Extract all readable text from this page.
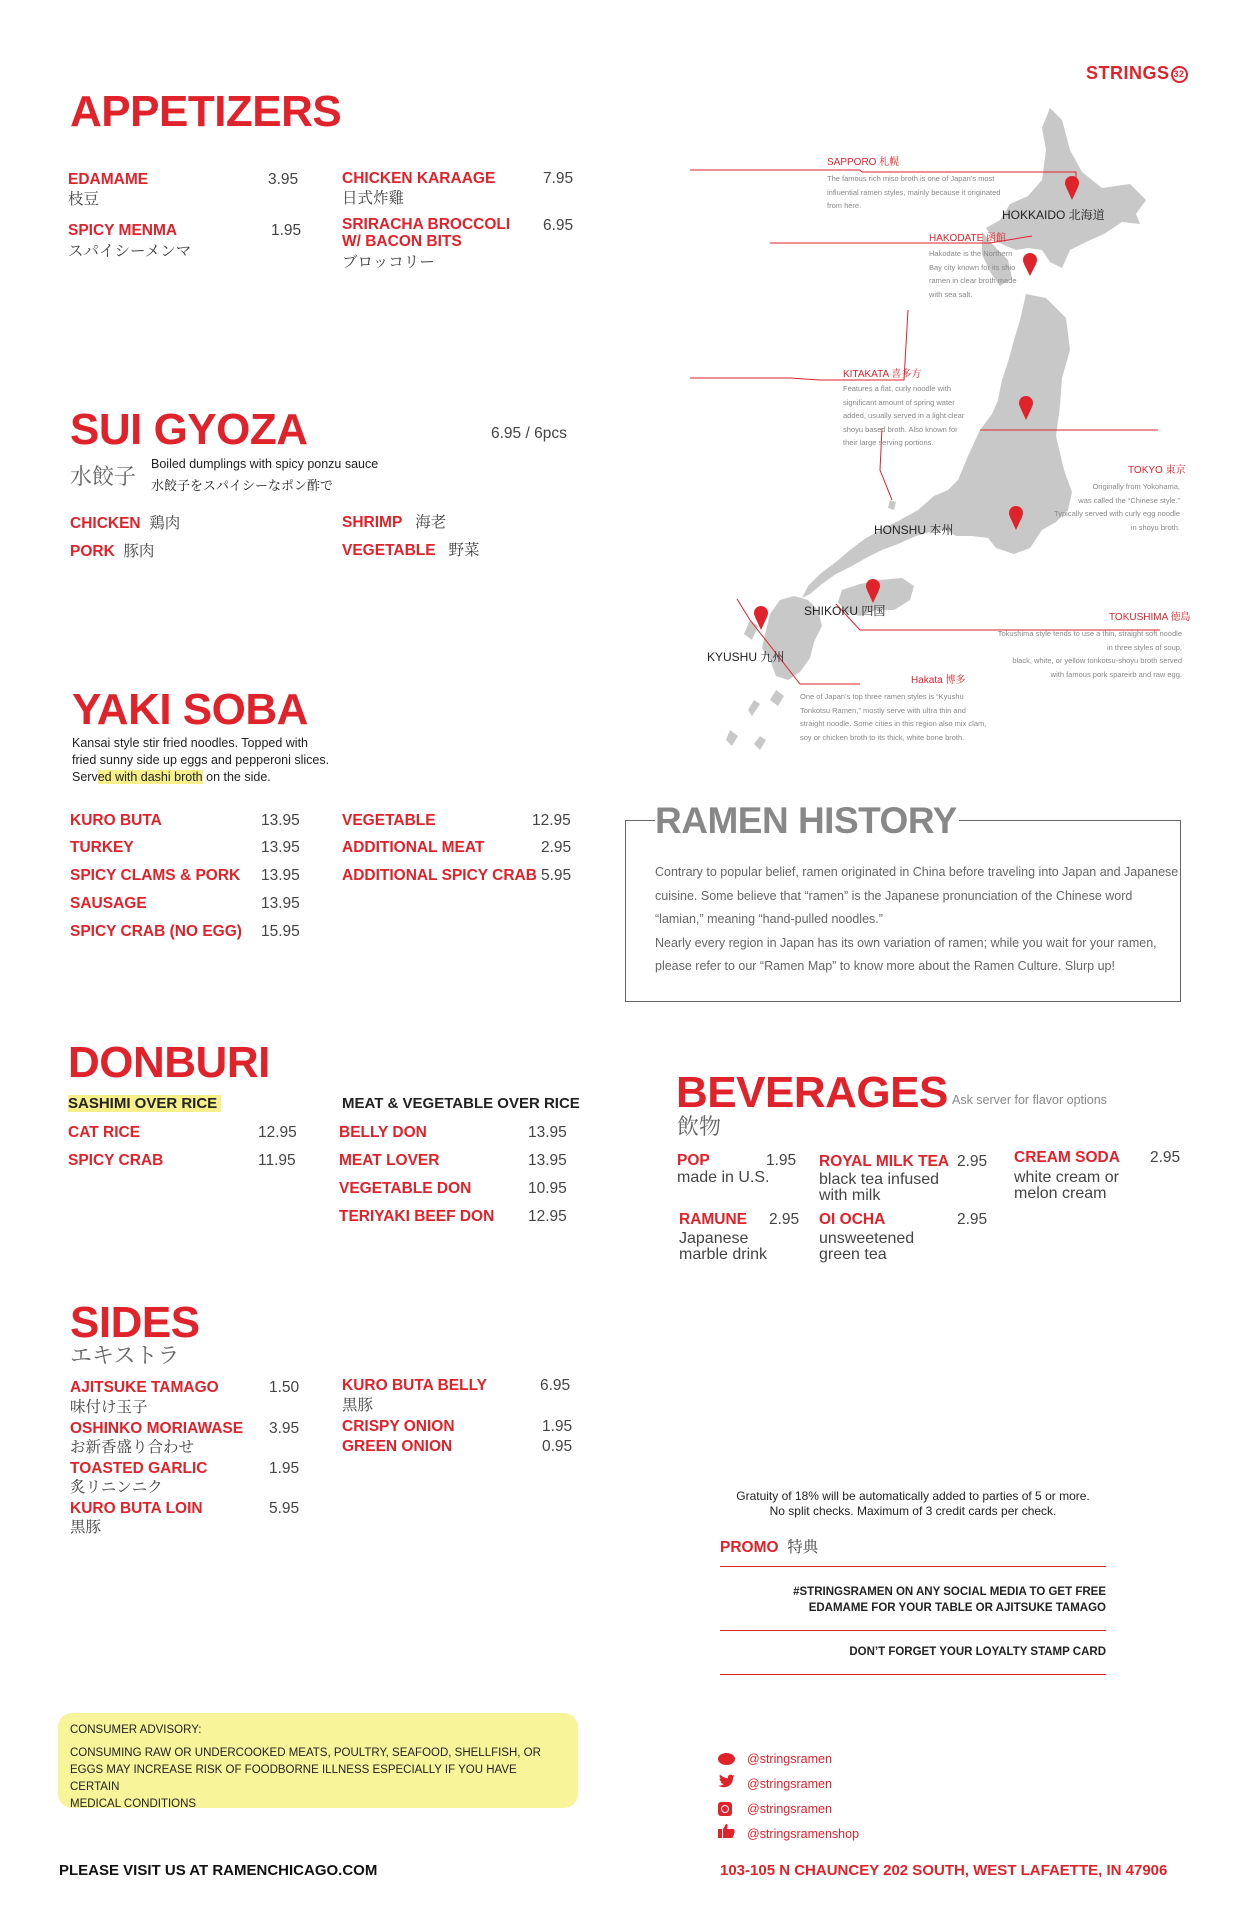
STRINGS 32
APPETIZERS
EDAMAME
枝豆
3.95
SPICY MENMA
スパイシーメンマ
1.95
CHICKEN KARAAGE
日式炸雞
7.95
SRIRACHA BROCCOLI
W/ BACON BITS
ブロッコリー
6.95
SUI GYOZA	6.95 / 6pcs
水餃子 Boiled dumplings with spicy ponzu sauce
水餃子をスパイシーなポン酢で
CHICKEN 鶏肉
PORK 豚肉
SHRIMP 海老
VEGETABLE 野菜
YAKI SOBA
Kansai style stir fried noodles. Topped with
fried sunny side up eggs and pepperoni slices.
Served with dashi broth on the side.
KURO BUTA	13.95
TURKEY	13.95
SPICY CLAMS & PORK 13.95
SAUSAGE	13.95
SPICY CRAB (NO EGG) 15.95
VEGETABLE	12.95
ADDITIONAL MEAT	2.95
ADDITIONAL SPICY CRAB 5.95
SAPPORO 札幌
The famous rich miso broth is one of Japan's most
influential ramen styles, mainly because it originated
from here.
HOKKAIDO 北海道
HAKODATE 函館
Hakodate is the Northern
Bay city known for its shio
ramen in clear broth made
with sea salt.
KITAKATA 喜多方
Features a flat, curly noodle with
significant amount of spring water
added, usually served in a light clear
shoyu based broth. Also known for
their large serving portions.
TOKYO 東京
Originally from Yokohama,
was called the “Chinese style.”
Typically served with curly egg noodle
in shoyu broth.
HONSHU 本州
SHIKOKU 四国	TOKUSHIMA 徳島
Tokushima style tends to use a thin, straight soft noodle
in three styles of soup,
black, white, or yellow tonkotsu-shoyu broth served
with famous pork spareirb and raw egg.
KYUSHU 九州
Hakata 博多
One of Japan’s top three ramen styles is “Kyushu
Tonkotsu Ramen,” mostly serve with ultra thin and
straight noodle. Some cities in this region also mix clam,
soy or chicken broth to its thick, white bone broth.
RAMEN HISTORY
Contrary to popular belief, ramen originated in China before traveling into Japan and Japanese
cuisine. Some believe that “ramen” is the Japanese pronunciation of the Chinese word
“lamian,” meaning “hand-pulled noodles.”
Nearly every region in Japan has its own variation of ramen; while you wait for your ramen,
please refer to our “Ramen Map” to know more about the Ramen Culture. Slurp up!
DONBURI
SASHIMI OVER RICE
CAT RICE	12.95
SPICY CRAB	11.95
MEAT & VEGETABLE OVER RICE
BELLY DON	13.95
MEAT LOVER	13.95
VEGETABLE DON	10.95
TERIYAKI BEEF DON 12.95
BEVERAGES Ask server for flavor options
飲物
POP	1.95
made in U.S.
ROYAL MILK TEA 2.95
black tea infused
with milk
CREAM SODA 2.95
white cream or
melon cream
RAMUNE 2.95
Japanese
marble drink
OI OCHA	2.95
unsweetened
green tea
SIDES
エキストラ
AJITSUKE TAMAGO
味付け玉子
1.50
OSHINKO MORIAWASE
お新香盛り合わせ
3.95
TOASTED GARLIC
炙リニンニク
1.95
KURO BUTA LOIN
黒豚
5.95
KURO BUTA BELLY
黒豚
6.95
CRISPY ONION	1.95
GREEN ONION	0.95
Gratuity of 18% will be automatically added to parties of 5 or more.
No split checks. Maximum of 3 credit cards per check.
PROMO 特典
#STRINGSRAMEN ON ANY SOCIAL MEDIA TO GET FREE
EDAMAME FOR YOUR TABLE OR AJITSUKE TAMAGO
DON’T FORGET YOUR LOYALTY STAMP CARD
CONSUMER ADVISORY:
CONSUMING RAW OR UNDERCOOKED MEATS, POULTRY, SEAFOOD, SHELLFISH, OR
EGGS MAY INCREASE RISK OF FOODBORNE ILLNESS ESPECIALLY IF YOU HAVE CERTAIN
MEDICAL CONDITIONS
@stringsramen
@stringsramen
@stringsramen
@stringsramenshop
PLEASE VISIT US AT RAMENCHICAGO.COM	103-105 N CHAUNCEY 202 SOUTH, WEST LAFAETTE, IN 47906
